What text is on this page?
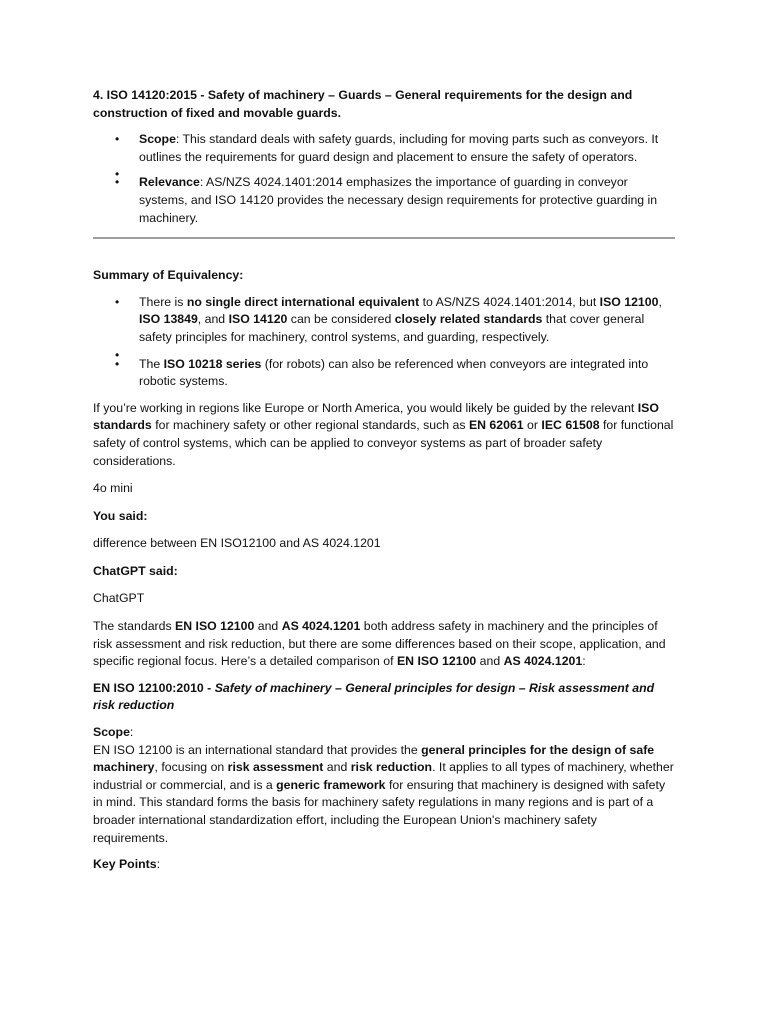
4. ISO 14120:2015 - Safety of machinery – Guards – General requirements for the design and construction of fixed and movable guards.

• Scope: This standard deals with safety guards, including for moving parts such as conveyors. It outlines the requirements for guard design and placement to ensure the safety of operators.
•
• Relevance: AS/NZS 4024.1401:2014 emphasizes the importance of guarding in conveyor systems, and ISO 14120 provides the necessary design requirements for protective guarding in machinery.

Summary of Equivalency:

• There is no single direct international equivalent to AS/NZS 4024.1401:2014, but ISO 12100, ISO 13849, and ISO 14120 can be considered closely related standards that cover general safety principles for machinery, control systems, and guarding, respectively.
•
• The ISO 10218 series (for robots) can also be referenced when conveyors are integrated into robotic systems.

If you’re working in regions like Europe or North America, you would likely be guided by the relevant ISO standards for machinery safety or other regional standards, such as EN 62061 or IEC 61508 for functional safety of control systems, which can be applied to conveyor systems as part of broader safety considerations.

4o mini

You said:

difference between EN ISO12100 and AS 4024.1201

ChatGPT said:

ChatGPT

The standards EN ISO 12100 and AS 4024.1201 both address safety in machinery and the principles of risk assessment and risk reduction, but there are some differences based on their scope, application, and specific regional focus. Here’s a detailed comparison of EN ISO 12100 and AS 4024.1201:

EN ISO 12100:2010 - Safety of machinery – General principles for design – Risk assessment and risk reduction

Scope:

EN ISO 12100 is an international standard that provides the general principles for the design of safe machinery, focusing on risk assessment and risk reduction. It applies to all types of machinery, whether industrial or commercial, and is a generic framework for ensuring that machinery is designed with safety in mind. This standard forms the basis for machinery safety regulations in many regions and is part of a broader international standardization effort, including the European Union's machinery safety requirements.

Key Points:
